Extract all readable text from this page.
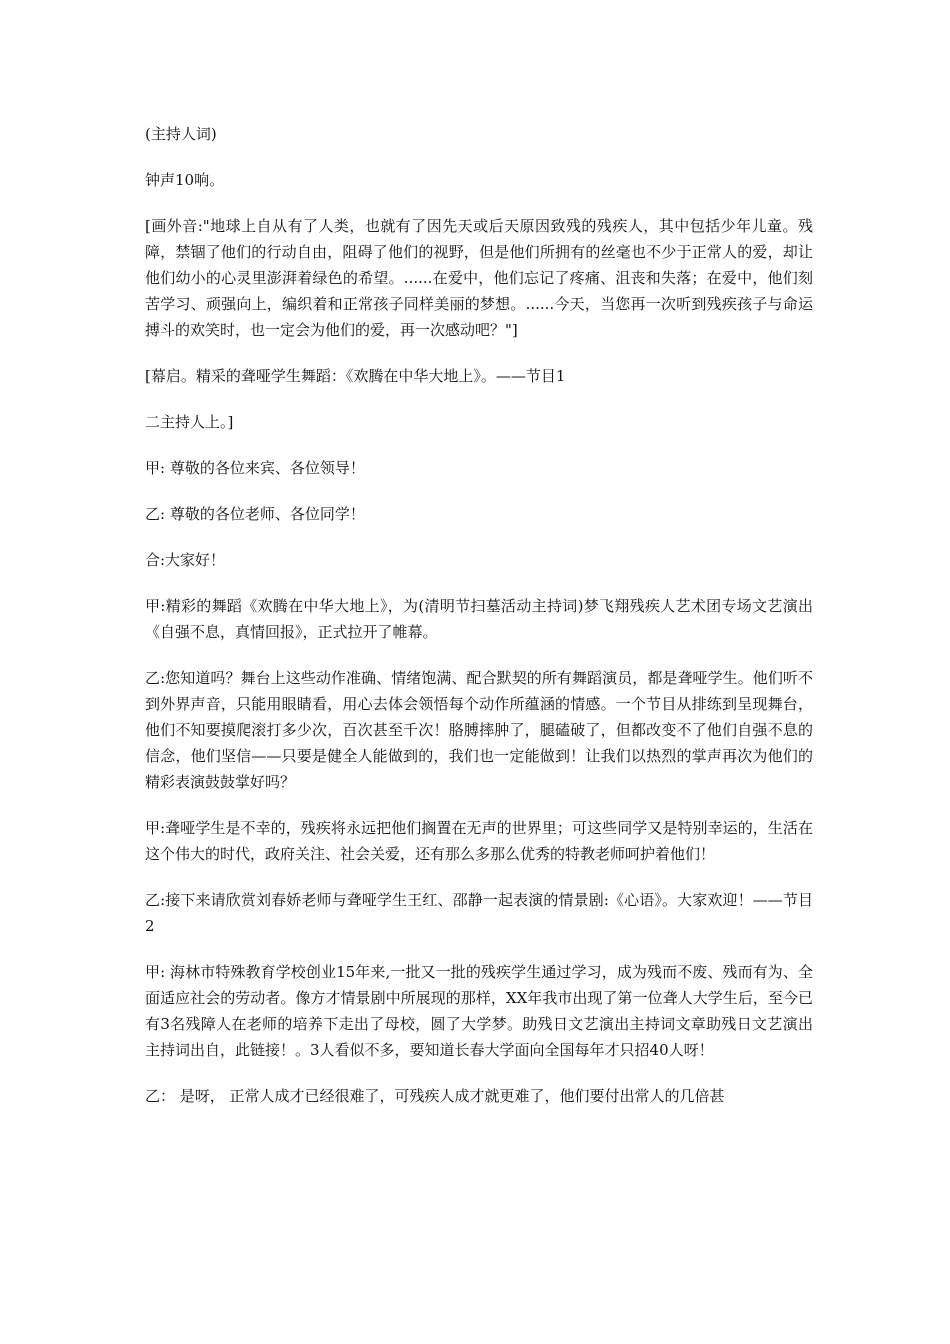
(主持人词)

钟声10响。

[画外音:"地球上自从有了人类，也就有了因先天或后天原因致残的残疾人，其中包括少年儿童。残障，禁锢了他们的行动自由，阻碍了他们的视野，但是他们所拥有的丝毫也不少于正常人的爱，却让他们幼小的心灵里澎湃着绿色的希望。......在爱中，他们忘记了疼痛、沮丧和失落；在爱中，他们刻苦学习、顽强向上，编织着和正常孩子同样美丽的梦想。......今天，当您再一次听到残疾孩子与命运搏斗的欢笑时，也一定会为他们的爱，再一次感动吧？"]

[幕启。精采的聋哑学生舞蹈：《欢腾在中华大地上》。——节目1

二主持人上。]

甲: 尊敬的各位来宾、各位领导！

乙: 尊敬的各位老师、各位同学！

合:大家好！

甲:精彩的舞蹈《欢腾在中华大地上》，为(清明节扫墓活动主持词)梦飞翔残疾人艺术团专场文艺演出《自强不息，真情回报》，正式拉开了帷幕。

乙:您知道吗？舞台上这些动作准确、情绪饱满、配合默契的所有舞蹈演员，都是聋哑学生。他们听不到外界声音，只能用眼睛看，用心去体会领悟每个动作所蕴涵的情感。一个节目从排练到呈现舞台，他们不知要摸爬滚打多少次，百次甚至千次！胳膊摔肿了，腿磕破了，但都改变不了他们自强不息的信念，他们坚信——只要是健全人能做到的，我们也一定能做到！让我们以热烈的掌声再次为他们的精彩表演鼓鼓掌好吗？

甲:聋哑学生是不幸的，残疾将永远把他们搁置在无声的世界里；可这些同学又是特别幸运的，生活在这个伟大的时代，政府关注、社会关爱，还有那么多那么优秀的特教老师呵护着他们！

乙:接下来请欣赏刘春娇老师与聋哑学生王红、邵静一起表演的情景剧:《心语》。大家欢迎！——节目2

甲: 海林市特殊教育学校创业15年来,一批又一批的残疾学生通过学习，成为残而不废、残而有为、全面适应社会的劳动者。像方才情景剧中所展现的那样，XX年我市出现了第一位聋人大学生后，至今已有3名残障人在老师的培养下走出了母校，圆了大学梦。助残日文艺演出主持词文章助残日文艺演出主持词出自，此链接！。3人看似不多，要知道长春大学面向全国每年才只招40人呀！

乙： 是呀， 正常人成才已经很难了，可残疾人成才就更难了，他们要付出常人的几倍甚
